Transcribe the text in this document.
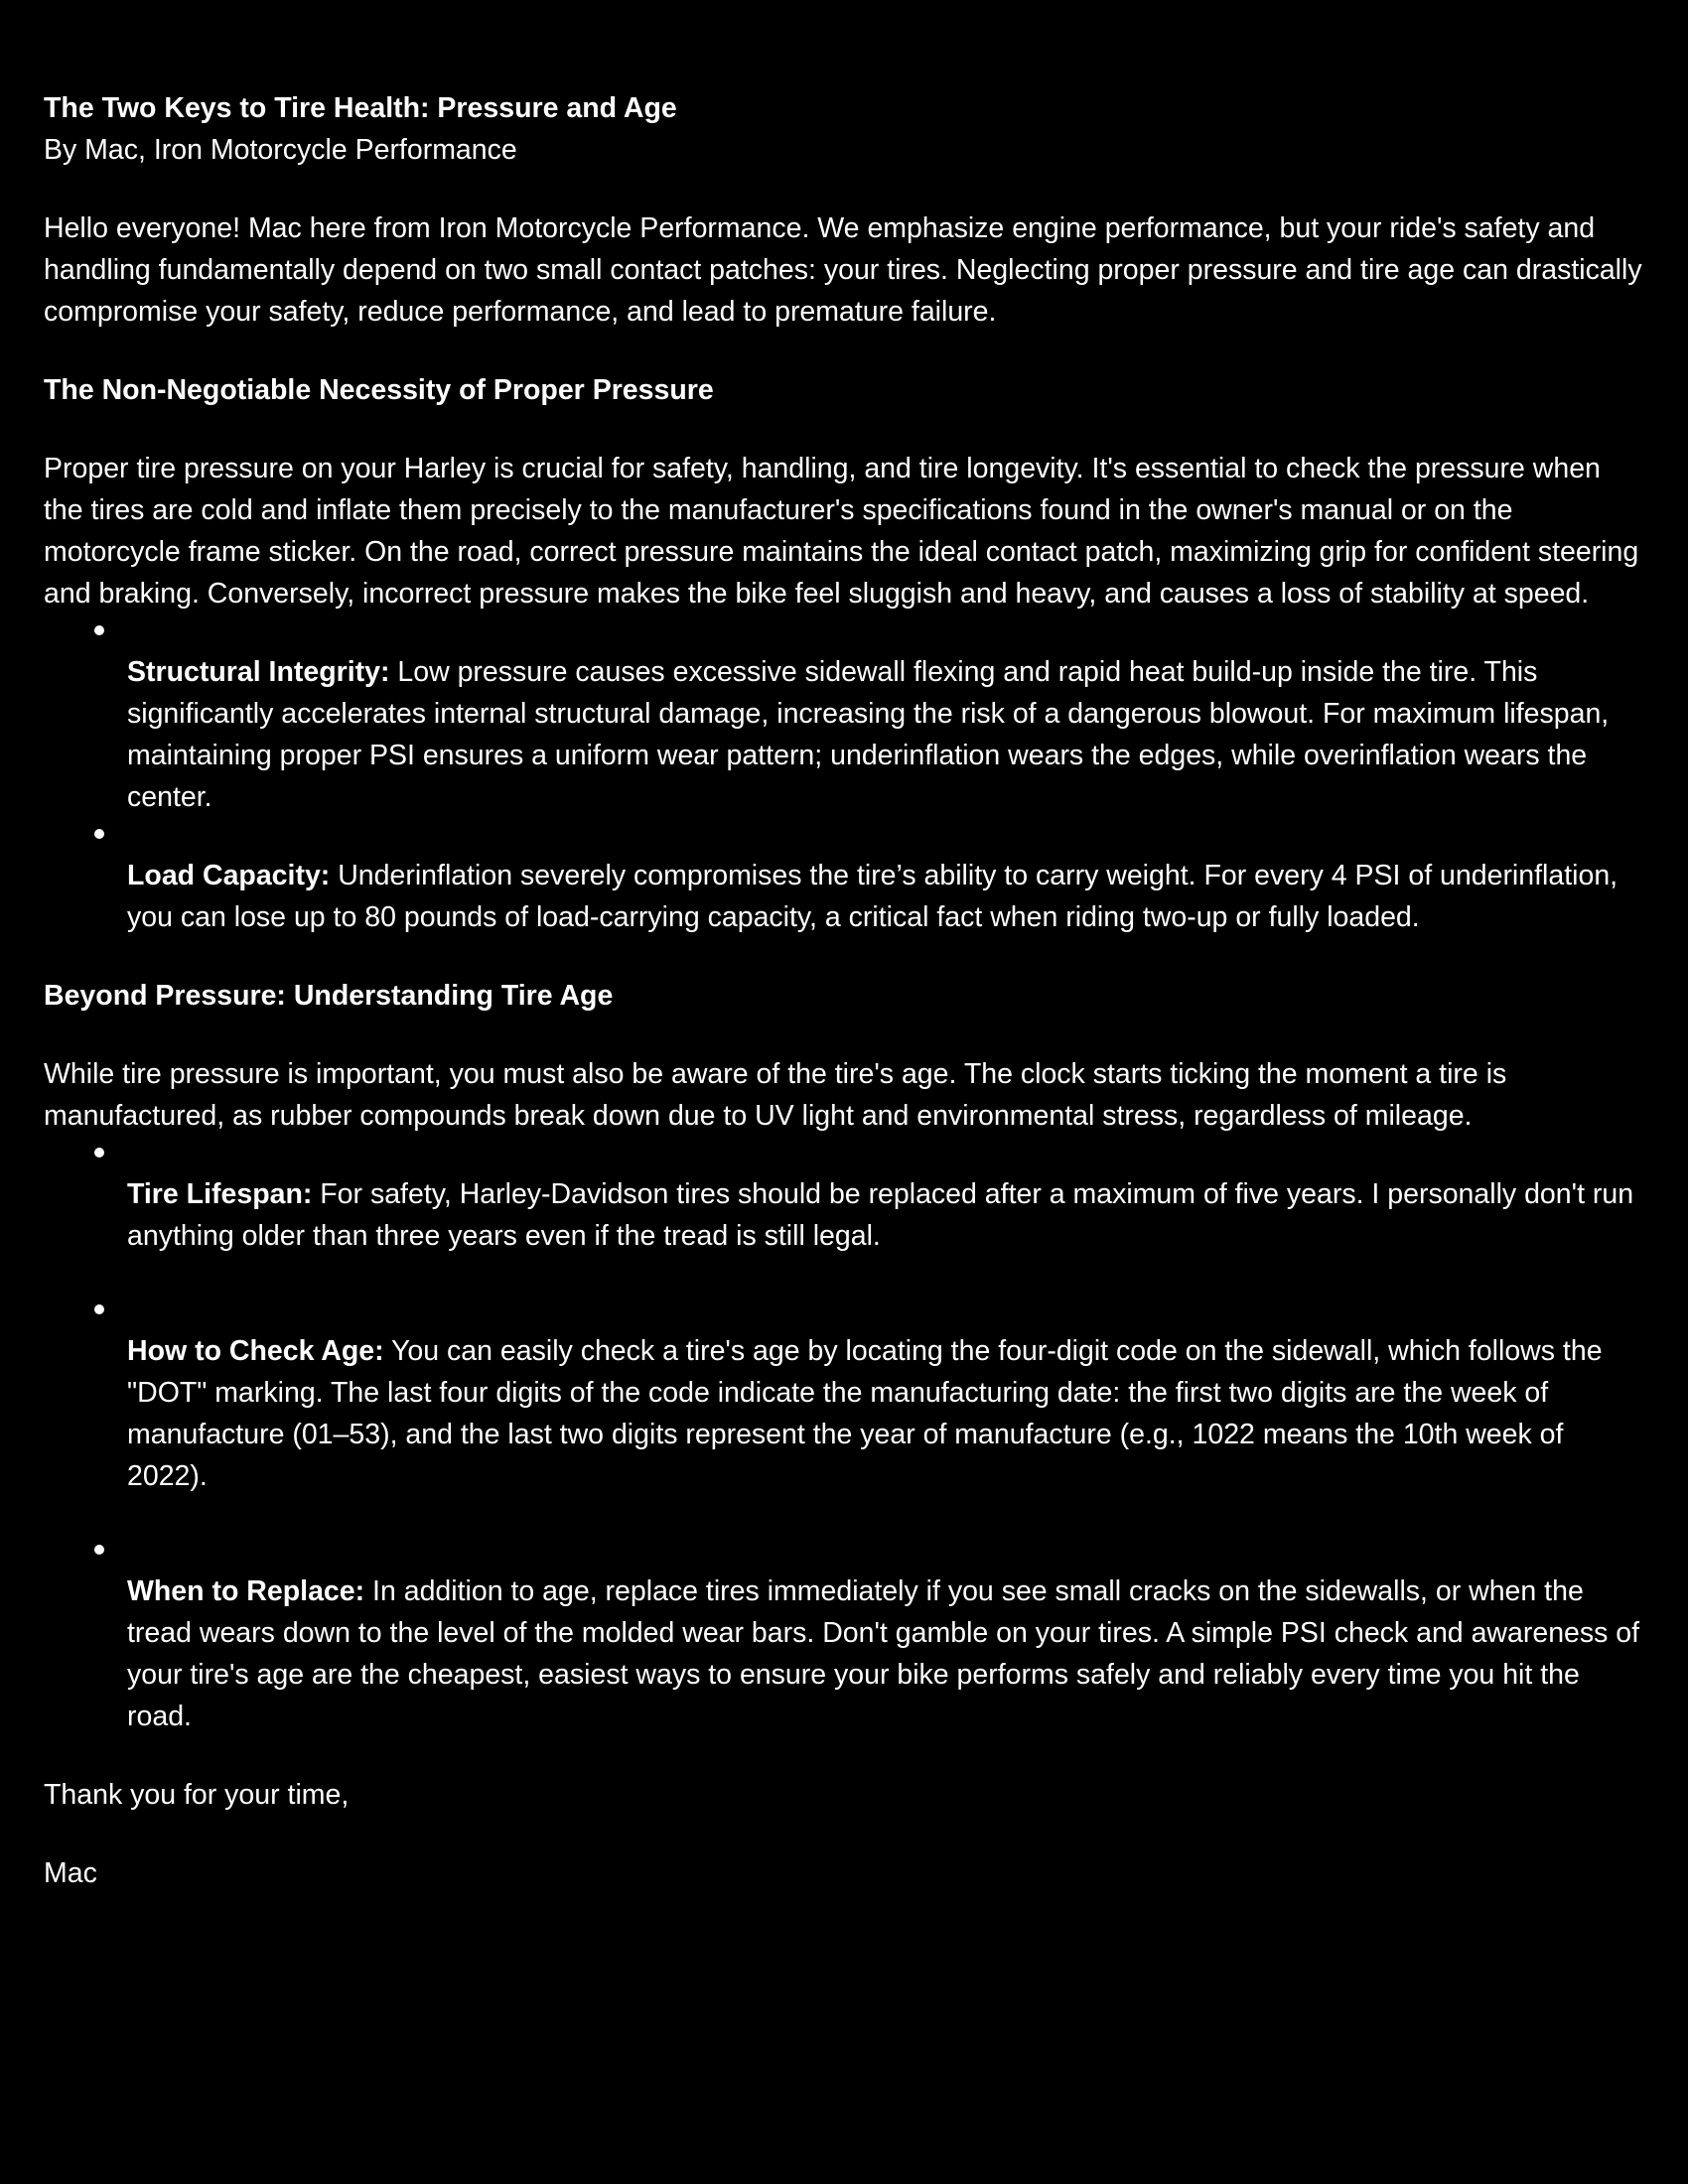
The Two Keys to Tire Health: Pressure and Age

By Mac, Iron Motorcycle Performance

Hello everyone! Mac here from Iron Motorcycle Performance. We emphasize engine performance, but your ride's safety and handling fundamentally depend on two small contact patches: your tires. Neglecting proper pressure and tire age can drastically compromise your safety, reduce performance, and lead to premature failure.

The Non-Negotiable Necessity of Proper Pressure

Proper tire pressure on your Harley is crucial for safety, handling, and tire longevity. It's essential to check the pressure when the tires are cold and inflate them precisely to the manufacturer's specifications found in the owner's manual or on the motorcycle frame sticker. On the road, correct pressure maintains the ideal contact patch, maximizing grip for confident steering and braking. Conversely, incorrect pressure makes the bike feel sluggish and heavy, and causes a loss of stability at speed.

Structural Integrity: Low pressure causes excessive sidewall flexing and rapid heat build-up inside the tire. This significantly accelerates internal structural damage, increasing the risk of a dangerous blowout. For maximum lifespan, maintaining proper PSI ensures a uniform wear pattern; underinflation wears the edges, while overinflation wears the center.
Load Capacity: Underinflation severely compromises the tire’s ability to carry weight. For every 4 PSI of underinflation, you can lose up to 80 pounds of load-carrying capacity, a critical fact when riding two-up or fully loaded.

Beyond Pressure: Understanding Tire Age

While tire pressure is important, you must also be aware of the tire's age. The clock starts ticking the moment a tire is manufactured, as rubber compounds break down due to UV light and environmental stress, regardless of mileage.

Tire Lifespan: For safety, Harley-Davidson tires should be replaced after a maximum of five years. I personally don't run anything older than three years even if the tread is still legal.
How to Check Age: You can easily check a tire's age by locating the four-digit code on the sidewall, which follows the "DOT" marking. The last four digits of the code indicate the manufacturing date: the first two digits are the week of manufacture (01–53), and the last two digits represent the year of manufacture (e.g., 1022 means the 10th week of 2022).
When to Replace: In addition to age, replace tires immediately if you see small cracks on the sidewalls, or when the tread wears down to the level of the molded wear bars. Don't gamble on your tires. A simple PSI check and awareness of your tire's age are the cheapest, easiest ways to ensure your bike performs safely and reliably every time you hit the road.

Thank you for your time,

Mac
